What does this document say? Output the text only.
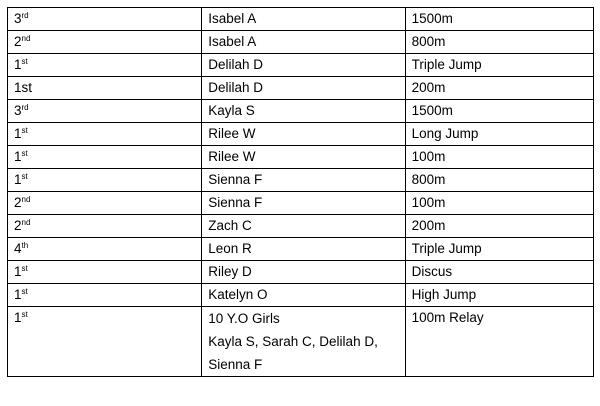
3rd	Isabel A	1500m
2nd	Isabel A	800m
1st	Delilah D	Triple Jump
1st	Delilah D	200m
3rd	Kayla S	1500m
1st	Rilee W	Long Jump
1st	Rilee W	100m
1st	Sienna F	800m
2nd	Sienna F	100m
2nd	Zach C	200m
4th	Leon R	Triple Jump
1st	Riley D	Discus
1st	Katelyn O	High Jump
1st	10 Y.O Girls
Kayla S, Sarah C, Delilah D,
Sienna F	100m Relay
